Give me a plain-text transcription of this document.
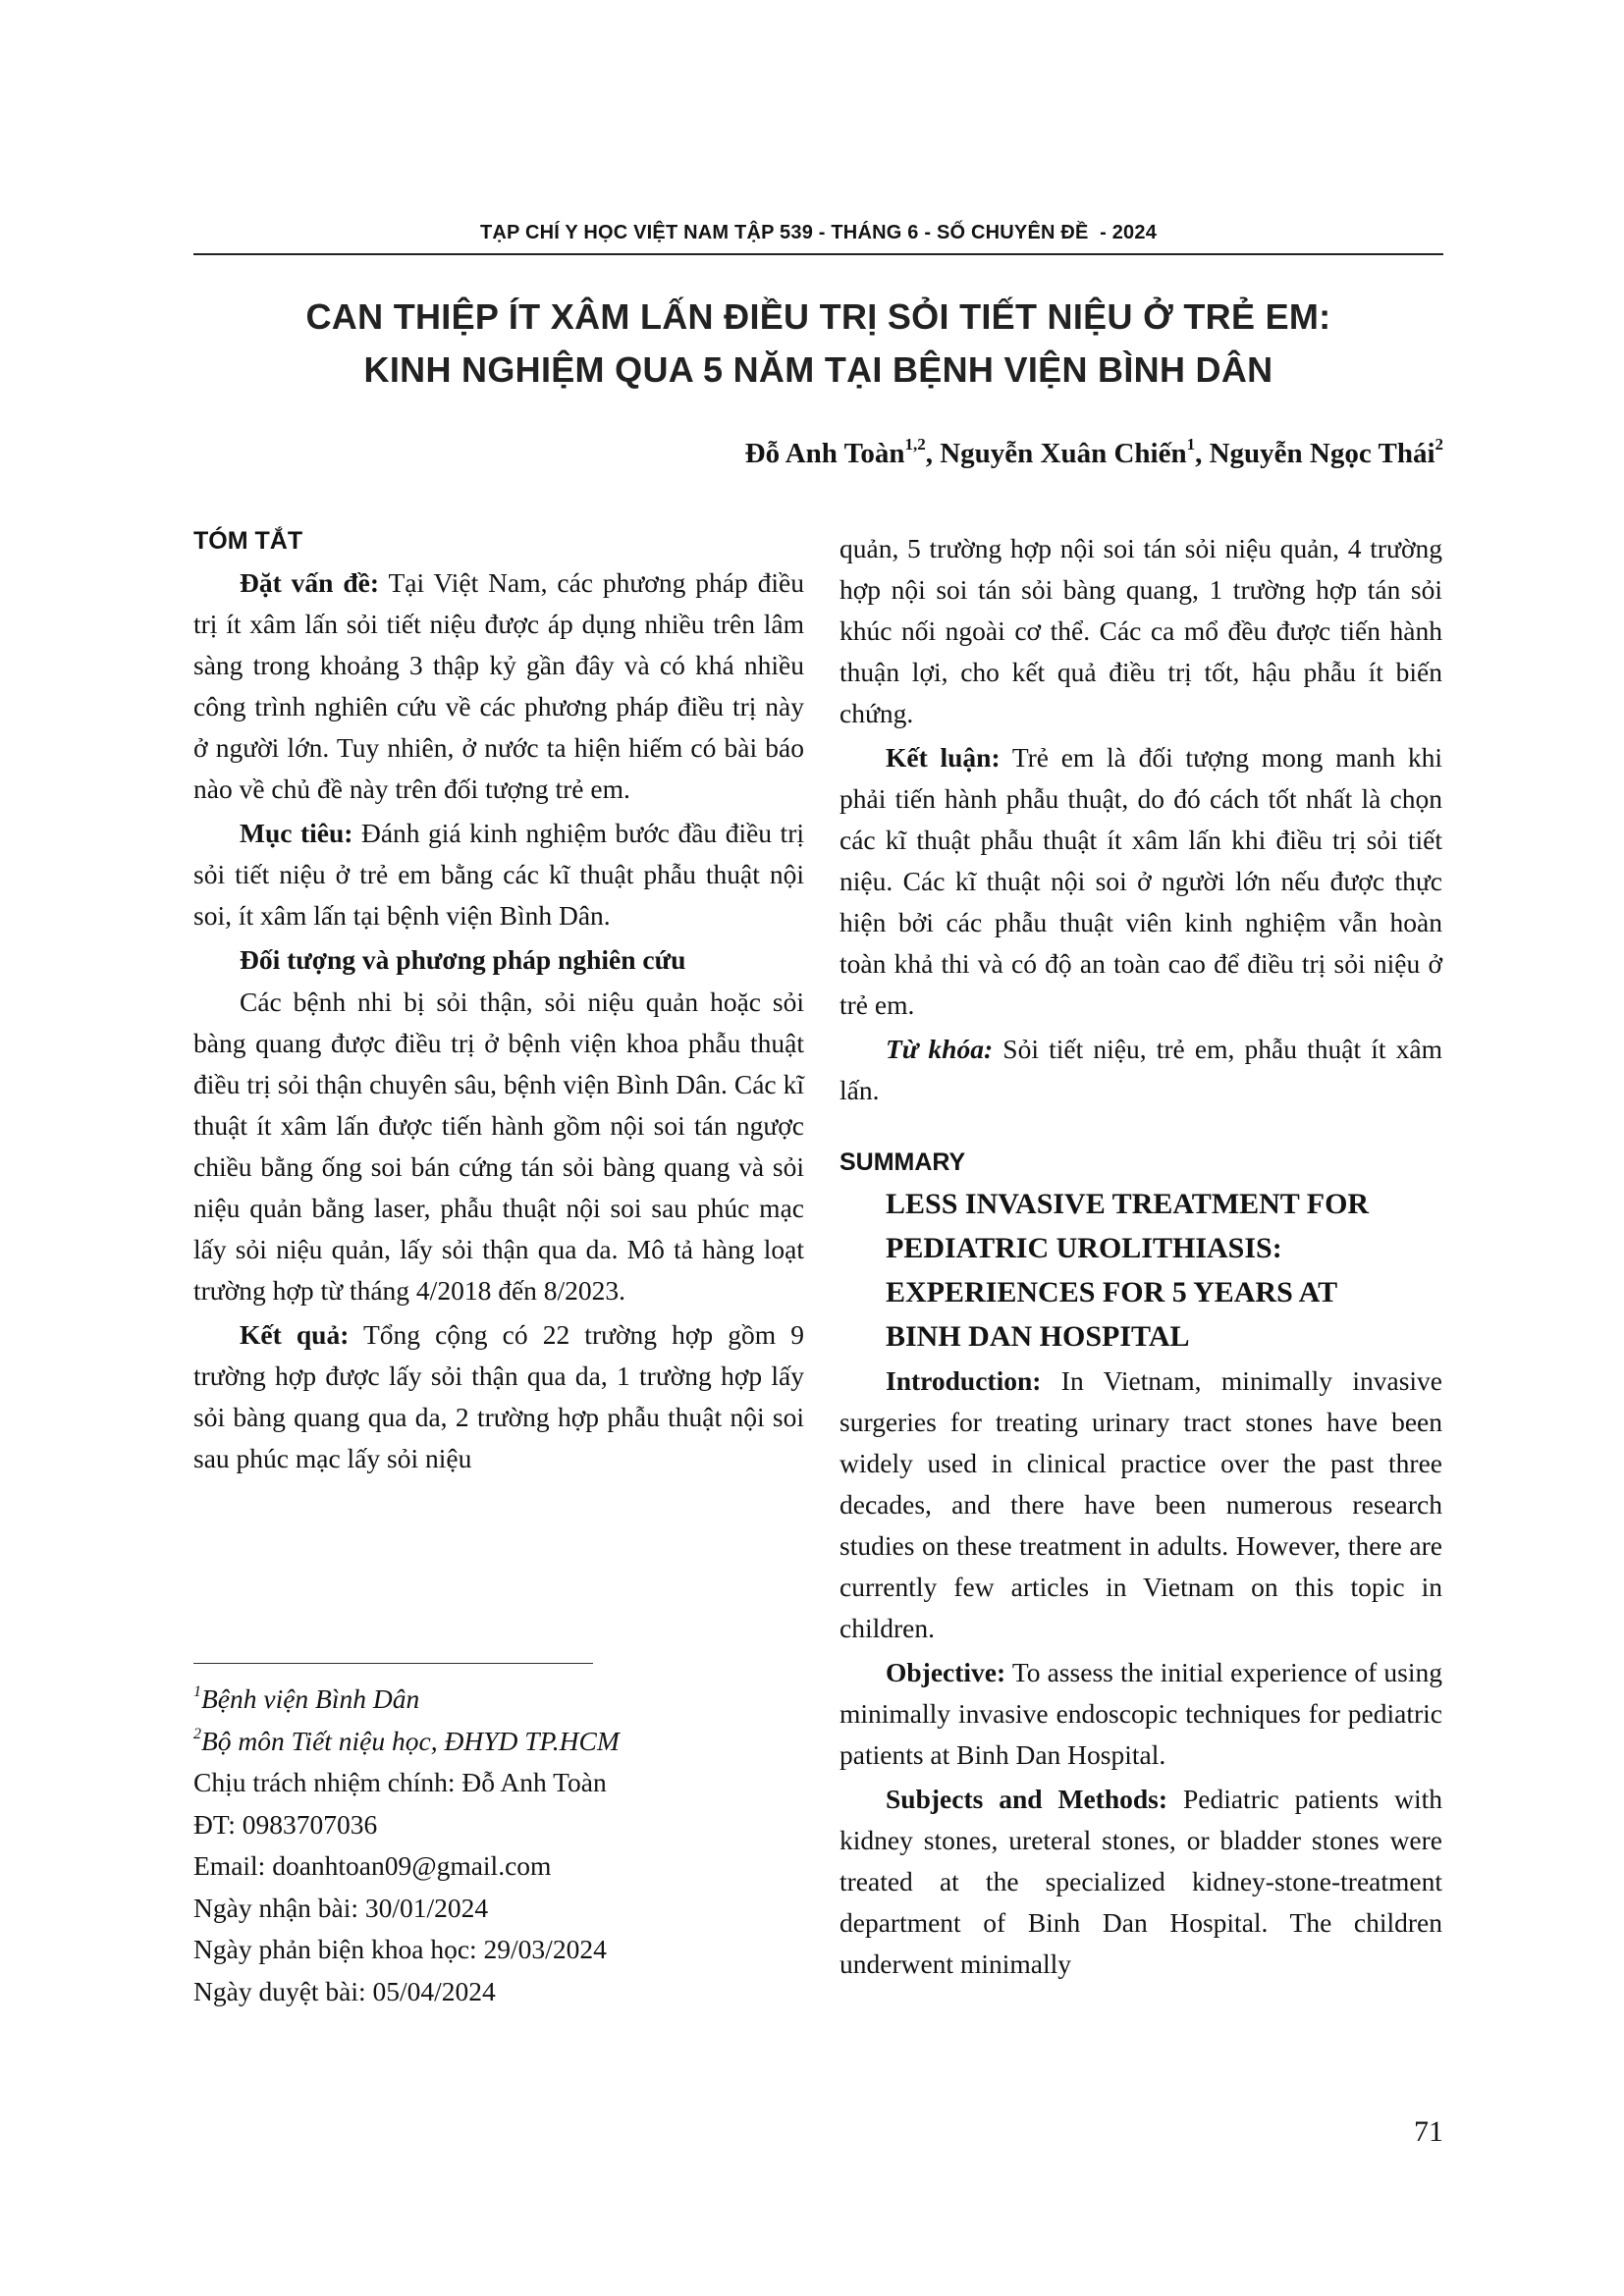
TẠP CHÍ Y HỌC VIỆT NAM TẬP 539 - THÁNG 6 - SỐ CHUYÊN ĐỀ  - 2024
CAN THIỆP ÍT XÂM LẤN ĐIỀU TRỊ SỎI TIẾT NIỆU Ở TRẺ EM:
KINH NGHIỆM QUA 5 NĂM TẠI BỆNH VIỆN BÌNH DÂN
Đỗ Anh Toàn$^{1,2}$, Nguyễn Xuân Chiến$^1$, Nguyễn Ngọc Thái$^2$
TÓM TẮT

Đặt vấn đề: Tại Việt Nam, các phương pháp điều trị ít xâm lấn sỏi tiết niệu được áp dụng nhiều trên lâm sàng trong khoảng 3 thập kỷ gần đây và có khá nhiều công trình nghiên cứu về các phương pháp điều trị này ở người lớn. Tuy nhiên, ở nước ta hiện hiếm có bài báo nào về chủ đề này trên đối tượng trẻ em.

Mục tiêu: Đánh giá kinh nghiệm bước đầu điều trị sỏi tiết niệu ở trẻ em bằng các kĩ thuật phẫu thuật nội soi, ít xâm lấn tại bệnh viện Bình Dân.

Đối tượng và phương pháp nghiên cứu

Các bệnh nhi bị sỏi thận, sỏi niệu quản hoặc sỏi bàng quang được điều trị ở bệnh viện khoa phẫu thuật điều trị sỏi thận chuyên sâu, bệnh viện Bình Dân. Các kĩ thuật ít xâm lấn được tiến hành gồm nội soi tán ngược chiều bằng ống soi bán cứng tán sỏi bàng quang và sỏi niệu quản bằng laser, phẫu thuật nội soi sau phúc mạc lấy sỏi niệu quản, lấy sỏi thận qua da. Mô tả hàng loạt trường hợp từ tháng 4/2018 đến 8/2023.

Kết quả: Tổng cộng có 22 trường hợp gồm 9 trường hợp được lấy sỏi thận qua da, 1 trường hợp lấy sỏi bàng quang qua da, 2 trường hợp phẫu thuật nội soi sau phúc mạc lấy sỏi niệu

$^1$Bệnh viện Bình Dân
$^2$Bộ môn Tiết niệu học, ĐHYD TP.HCM
Chịu trách nhiệm chính: Đỗ Anh Toàn
ĐT: 0983707036
Email: doanhtoan09@gmail.com
Ngày nhận bài: 30/01/2024
Ngày phản biện khoa học: 29/03/2024
Ngày duyệt bài: 05/04/2024

quản, 5 trường hợp nội soi tán sỏi niệu quản, 4 trường hợp nội soi tán sỏi bàng quang, 1 trường hợp tán sỏi khúc nối ngoài cơ thể. Các ca mổ đều được tiến hành thuận lợi, cho kết quả điều trị tốt, hậu phẫu ít biến chứng.

Kết luận: Trẻ em là đối tượng mong manh khi phải tiến hành phẫu thuật, do đó cách tốt nhất là chọn các kĩ thuật phẫu thuật ít xâm lấn khi điều trị sỏi tiết niệu. Các kĩ thuật nội soi ở người lớn nếu được thực hiện bởi các phẫu thuật viên kinh nghiệm vẫn hoàn toàn khả thi và có độ an toàn cao để điều trị sỏi niệu ở trẻ em.

Từ khóa: Sỏi tiết niệu, trẻ em, phẫu thuật ít xâm lấn.

SUMMARY

LESS INVASIVE TREATMENT FOR

PEDIATRIC UROLITHIASIS:

EXPERIENCES FOR 5 YEARS AT

BINH DAN HOSPITAL

Introduction: In Vietnam, minimally invasive surgeries for treating urinary tract stones have been widely used in clinical practice over the past three decades, and there have been numerous research studies on these treatment in adults. However, there are currently few articles in Vietnam on this topic in children.

Objective: To assess the initial experience of using minimally invasive endoscopic techniques for pediatric patients at Binh Dan Hospital.

Subjects and Methods: Pediatric patients with kidney stones, ureteral stones, or bladder stones were treated at the specialized kidney-stone-treatment department of Binh Dan Hospital. The children underwent minimally

71
